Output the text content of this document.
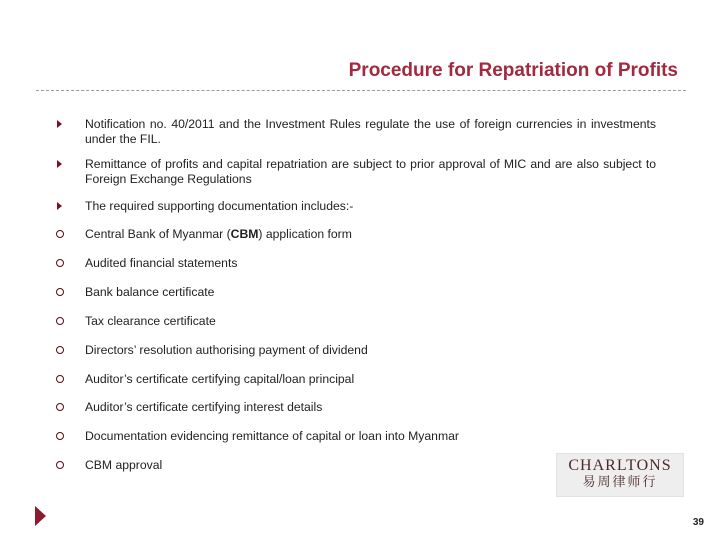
Procedure for Repatriation of Profits
Notification no. 40/2011 and the Investment Rules regulate the use of foreign currencies in investments under the FIL.
Remittance of profits and capital repatriation are subject to prior approval of MIC and are also subject to Foreign Exchange Regulations
The required supporting documentation includes:-
Central Bank of Myanmar (CBM) application form
Audited financial statements
Bank balance certificate
Tax clearance certificate
Directors’ resolution authorising payment of dividend
Auditor’s certificate certifying capital/loan principal
Auditor’s certificate certifying interest details
Documentation evidencing remittance of capital or loan into Myanmar
CBM approval	CHARLTONS
易周律师行
39
